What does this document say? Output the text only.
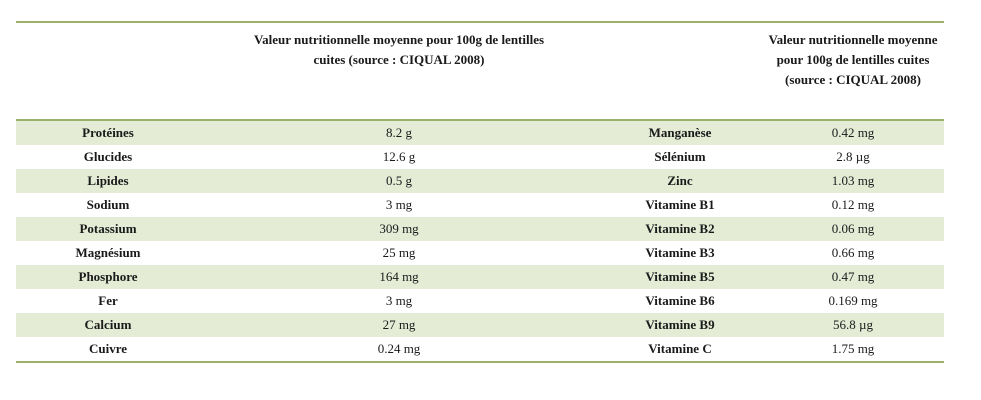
	Valeur nutritionnelle moyenne pour 100g de lentilles cuites (source : CIQUAL 2008)		Valeur nutritionnelle moyenne pour 100g de lentilles cuites (source : CIQUAL 2008)
Protéines	8.2 g	Manganèse	0.42 mg
Glucides	12.6 g	Sélénium	2.8 µg
Lipides	0.5 g	Zinc	1.03 mg
Sodium	3 mg	Vitamine B1	0.12 mg
Potassium	309 mg	Vitamine B2	0.06 mg
Magnésium	25 mg	Vitamine B3	0.66 mg
Phosphore	164 mg	Vitamine B5	0.47 mg
Fer	3 mg	Vitamine B6	0.169 mg
Calcium	27 mg	Vitamine B9	56.8 µg
Cuivre	0.24 mg	Vitamine C	1.75 mg
